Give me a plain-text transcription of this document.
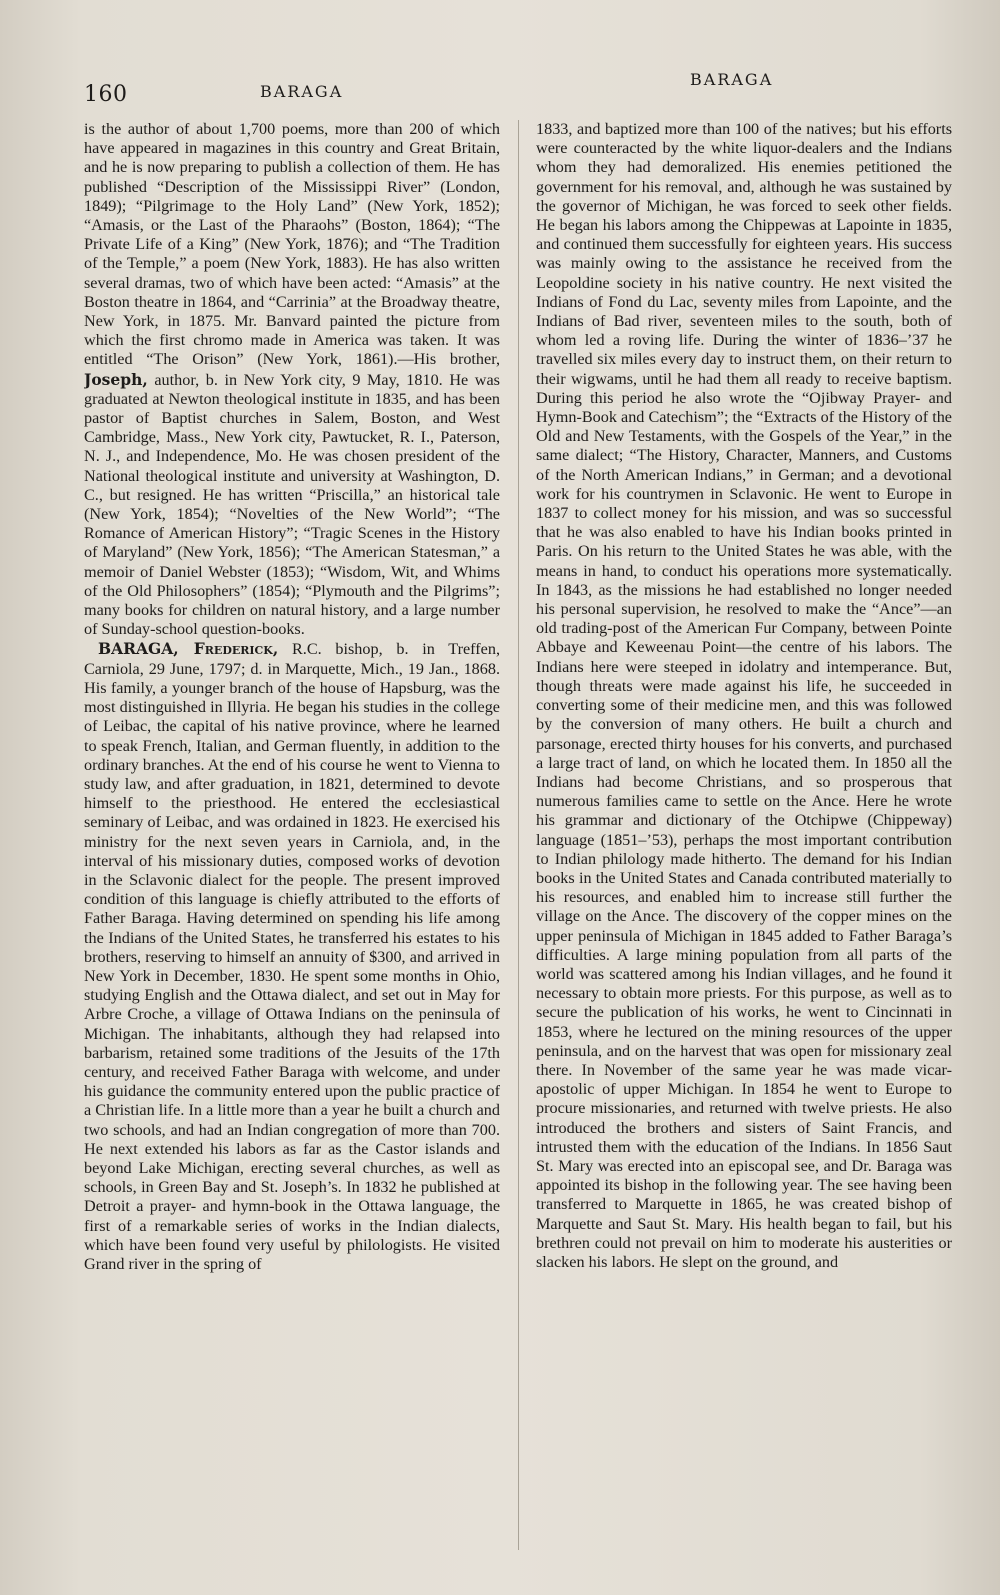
160	BARAGA
BARAGA

is the author of about 1,700 poems, more than 200 of which have appeared in magazines in this country and Great Britain, and he is now preparing to publish a collection of them. He has published “Description of the Mississippi River” (London, 1849); “Pilgrimage to the Holy Land” (New York, 1852); “Amasis, or the Last of the Pharaohs” (Boston, 1864); “The Private Life of a King” (New York, 1876); and “The Tradition of the Temple,” a poem (New York, 1883). He has also written several dramas, two of which have been acted: “Amasis” at the Boston theatre in 1864, and “Carrinia” at the Broadway theatre, New York, in 1875. Mr. Banvard painted the picture from which the first chromo made in America was taken. It was entitled “The Orison” (New York, 1861).—His brother, Joseph, author, b. in New York city, 9 May, 1810. He was graduated at Newton theological institute in 1835, and has been pastor of Baptist churches in Salem, Boston, and West Cambridge, Mass., New York city, Pawtucket, R. I., Paterson, N. J., and Independence, Mo. He was chosen president of the National theological institute and university at Washington, D. C., but resigned. He has written “Priscilla,” an historical tale (New York, 1854); “Novelties of the New World”; “The Romance of American History”; “Tragic Scenes in the History of Maryland” (New York, 1856); “The American Statesman,” a memoir of Daniel Webster (1853); “Wisdom, Wit, and Whims of the Old Philosophers” (1854); “Plymouth and the Pilgrims”; many books for children on natural history, and a large number of Sunday-school question-books.

BARAGA, Frederick, R.C. bishop, b. in Treffen, Carniola, 29 June, 1797; d. in Marquette, Mich., 19 Jan., 1868. His family, a younger branch of the house of Hapsburg, was the most distinguished in Illyria. He began his studies in the college of Leibac, the capital of his native province, where he learned to speak French, Italian, and German fluently, in addition to the ordinary branches. At the end of his course he went to Vienna to study law, and after graduation, in 1821, determined to devote himself to the priesthood. He entered the ecclesiastical seminary of Leibac, and was ordained in 1823. He exercised his ministry for the next seven years in Carniola, and, in the interval of his missionary duties, composed works of devotion in the Sclavonic dialect for the people. The present improved condition of this language is chiefly attributed to the efforts of Father Baraga. Having determined on spending his life among the Indians of the United States, he transferred his estates to his brothers, reserving to himself an annuity of $300, and arrived in New York in December, 1830. He spent some months in Ohio, studying English and the Ottawa dialect, and set out in May for Arbre Croche, a village of Ottawa Indians on the peninsula of Michigan. The inhabitants, although they had relapsed into barbarism, retained some traditions of the Jesuits of the 17th century, and received Father Baraga with welcome, and under his guidance the community entered upon the public practice of a Christian life. In a little more than a year he built a church and two schools, and had an Indian congregation of more than 700. He next extended his labors as far as the Castor islands and beyond Lake Michigan, erecting several churches, as well as schools, in Green Bay and St. Joseph’s. In 1832 he published at Detroit a prayer- and hymn-book in the Ottawa language, the first of a remarkable series of works in the Indian dialects, which have been found very useful by philologists. He visited Grand river in the spring of

1833, and baptized more than 100 of the natives; but his efforts were counteracted by the white liquor-dealers and the Indians whom they had demoralized. His enemies petitioned the government for his removal, and, although he was sustained by the governor of Michigan, he was forced to seek other fields. He began his labors among the Chippewas at Lapointe in 1835, and continued them successfully for eighteen years. His success was mainly owing to the assistance he received from the Leopoldine society in his native country. He next visited the Indians of Fond du Lac, seventy miles from Lapointe, and the Indians of Bad river, seventeen miles to the south, both of whom led a roving life. During the winter of 1836–’37 he travelled six miles every day to instruct them, on their return to their wigwams, until he had them all ready to receive baptism. During this period he also wrote the “Ojibway Prayer- and Hymn-Book and Catechism”; the “Extracts of the History of the Old and New Testaments, with the Gospels of the Year,” in the same dialect; “The History, Character, Manners, and Customs of the North American Indians,” in German; and a devotional work for his countrymen in Sclavonic. He went to Europe in 1837 to collect money for his mission, and was so successful that he was also enabled to have his Indian books printed in Paris. On his return to the United States he was able, with the means in hand, to conduct his operations more systematically. In 1843, as the missions he had established no longer needed his personal supervision, he resolved to make the “Ance”—an old trading-post of the American Fur Company, between Pointe Abbaye and Keweenau Point—the centre of his labors. The Indians here were steeped in idolatry and intemperance. But, though threats were made against his life, he succeeded in converting some of their medicine men, and this was followed by the conversion of many others. He built a church and parsonage, erected thirty houses for his converts, and purchased a large tract of land, on which he located them. In 1850 all the Indians had become Christians, and so prosperous that numerous families came to settle on the Ance. Here he wrote his grammar and dictionary of the Otchipwe (Chippeway) language (1851–’53), perhaps the most important contribution to Indian philology made hitherto. The demand for his Indian books in the United States and Canada contributed materially to his resources, and enabled him to increase still further the village on the Ance. The discovery of the copper mines on the upper peninsula of Michigan in 1845 added to Father Baraga’s difficulties. A large mining population from all parts of the world was scattered among his Indian villages, and he found it necessary to obtain more priests. For this purpose, as well as to secure the publication of his works, he went to Cincinnati in 1853, where he lectured on the mining resources of the upper peninsula, and on the harvest that was open for missionary zeal there. In November of the same year he was made vicar-apostolic of upper Michigan. In 1854 he went to Europe to procure missionaries, and returned with twelve priests. He also introduced the brothers and sisters of Saint Francis, and intrusted them with the education of the Indians. In 1856 Saut St. Mary was erected into an episcopal see, and Dr. Baraga was appointed its bishop in the following year. The see having been transferred to Marquette in 1865, he was created bishop of Marquette and Saut St. Mary. His health began to fail, but his brethren could not prevail on him to moderate his austerities or slacken his labors. He slept on the ground, and
